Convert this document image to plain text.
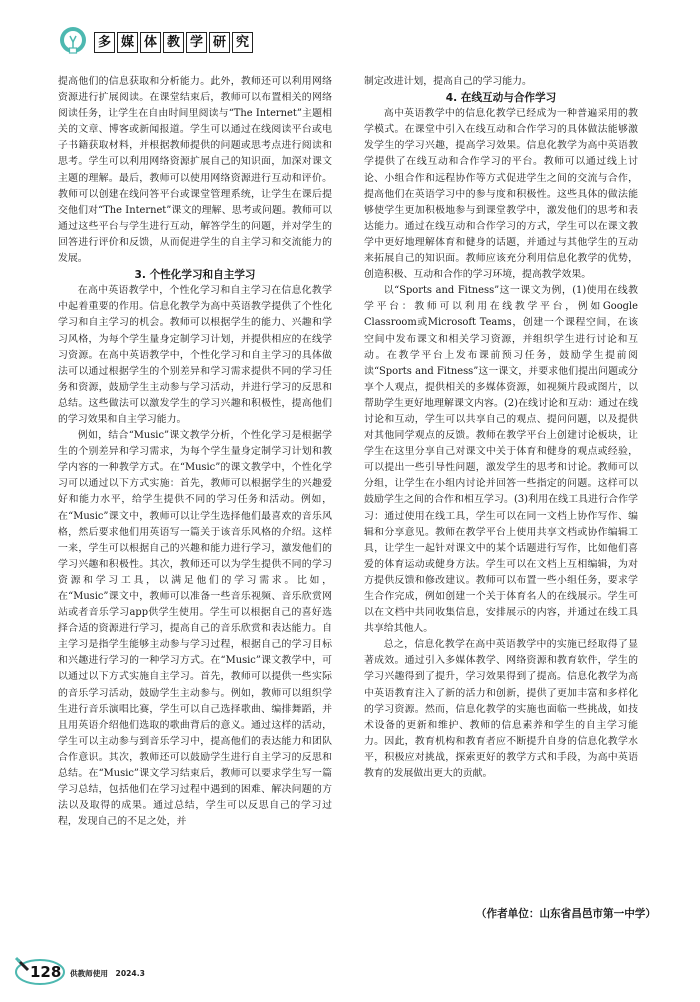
多 媒 体 教 学 研 究

提高他们的信息获取和分析能力。此外，教师还可以利用网络资源进行扩展阅读。在课堂结束后，教师可以布置相关的网络阅读任务，让学生在自由时间里阅读与“The Internet”主题相关的文章、博客或新闻报道。学生可以通过在线阅读平台或电子书籍获取材料，并根据教师提供的问题或思考点进行阅读和思考。学生可以利用网络资源扩展自己的知识面，加深对课文主题的理解。最后，教师可以使用网络资源进行互动和评价。教师可以创建在线问答平台或课堂管理系统，让学生在课后提交他们对“The Internet”课文的理解、思考或问题。教师可以通过这些平台与学生进行互动，解答学生的问题，并对学生的回答进行评价和反馈，从而促进学生的自主学习和交流能力的发展。

3. 个性化学习和自主学习

在高中英语教学中，个性化学习和自主学习在信息化教学中起着重要的作用。信息化教学为高中英语教学提供了个性化学习和自主学习的机会。教师可以根据学生的能力、兴趣和学习风格，为每个学生量身定制学习计划，并提供相应的在线学习资源。在高中英语教学中，个性化学习和自主学习的具体做法可以通过根据学生的个别差异和学习需求提供不同的学习任务和资源，鼓励学生主动参与学习活动，并进行学习的反思和总结。这些做法可以激发学生的学习兴趣和积极性，提高他们的学习效果和自主学习能力。

例如，结合“Music”课文教学分析，个性化学习是根据学生的个别差异和学习需求，为每个学生量身定制学习计划和教学内容的一种教学方式。在“Music”的课文教学中，个性化学习可以通过以下方式实施：首先，教师可以根据学生的兴趣爱好和能力水平，给学生提供不同的学习任务和活动。例如，在“Music”课文中，教师可以让学生选择他们最喜欢的音乐风格，然后要求他们用英语写一篇关于该音乐风格的介绍。这样一来，学生可以根据自己的兴趣和能力进行学习，激发他们的学习兴趣和积极性。其次，教师还可以为学生提供不同的学习资源和学习工具，以满足他们的学习需求。比如，在“Music”课文中，教师可以准备一些音乐视频、音乐欣赏网站或者音乐学习app供学生使用。学生可以根据自己的喜好选择合适的资源进行学习，提高自己的音乐欣赏和表达能力。自主学习是指学生能够主动参与学习过程，根据自己的学习目标和兴趣进行学习的一种学习方式。在“Music”课文教学中，可以通过以下方式实施自主学习。首先，教师可以提供一些实际的音乐学习活动，鼓励学生主动参与。例如，教师可以组织学生进行音乐演唱比赛，学生可以自己选择歌曲、编排舞蹈，并且用英语介绍他们选取的歌曲背后的意义。通过这样的活动，学生可以主动参与到音乐学习中，提高他们的表达能力和团队合作意识。其次，教师还可以鼓励学生进行自主学习的反思和总结。在“Music”课文学习结束后，教师可以要求学生写一篇学习总结，包括他们在学习过程中遇到的困难、解决问题的方法以及取得的成果。通过总结，学生可以反思自己的学习过程，发现自己的不足之处，并

制定改进计划，提高自己的学习能力。

4. 在线互动与合作学习

高中英语教学中的信息化教学已经成为一种普遍采用的教学模式。在课堂中引入在线互动和合作学习的具体做法能够激发学生的学习兴趣，提高学习效果。信息化教学为高中英语教学提供了在线互动和合作学习的平台。教师可以通过线上讨论、小组合作和远程协作等方式促进学生之间的交流与合作，提高他们在英语学习中的参与度和积极性。这些具体的做法能够使学生更加积极地参与到课堂教学中，激发他们的思考和表达能力。通过在线互动和合作学习的方式，学生可以在课文教学中更好地理解体育和健身的话题，并通过与其他学生的互动来拓展自己的知识面。教师应该充分利用信息化教学的优势，创造积极、互动和合作的学习环境，提高教学效果。

以“Sports and Fitness”这一课文为例，(1)使用在线教学平台：教师可以利用在线教学平台，例如Google Classroom或Microsoft Teams，创建一个课程空间，在该空间中发布课文和相关学习资源，并组织学生进行讨论和互动。在教学平台上发布课前预习任务，鼓励学生提前阅读“Sports and Fitness”这一课文，并要求他们提出问题或分享个人观点，提供相关的多媒体资源，如视频片段或图片，以帮助学生更好地理解课文内容。(2)在线讨论和互动：通过在线讨论和互动，学生可以共享自己的观点、提问问题，以及提供对其他同学观点的反馈。教师在教学平台上创建讨论板块，让学生在这里分享自己对课文中关于体育和健身的观点或经验，可以提出一些引导性问题，激发学生的思考和讨论。教师可以分组，让学生在小组内讨论并回答一些指定的问题。这样可以鼓励学生之间的合作和相互学习。(3)利用在线工具进行合作学习：通过使用在线工具，学生可以在同一文档上协作写作、编辑和分享意见。教师在教学平台上使用共享文档或协作编辑工具，让学生一起针对课文中的某个话题进行写作，比如他们喜爱的体育运动或健身方法。学生可以在文档上互相编辑，为对方提供反馈和修改建议。教师可以布置一些小组任务，要求学生合作完成，例如创建一个关于体育名人的在线展示。学生可以在文档中共同收集信息，安排展示的内容，并通过在线工具共享给其他人。

总之，信息化教学在高中英语教学中的实施已经取得了显著成效。通过引入多媒体教学、网络资源和教育软件，学生的学习兴趣得到了提升，学习效果得到了提高。信息化教学为高中英语教育注入了新的活力和创新，提供了更加丰富和多样化的学习资源。然而，信息化教学的实施也面临一些挑战，如技术设备的更新和维护、教师的信息素养和学生的自主学习能力。因此，教育机构和教育者应不断提升自身的信息化教学水平，积极应对挑战，探索更好的教学方式和手段，为高中英语教育的发展做出更大的贡献。

（作者单位：山东省昌邑市第一中学）
128 供教师使用　2024.3
